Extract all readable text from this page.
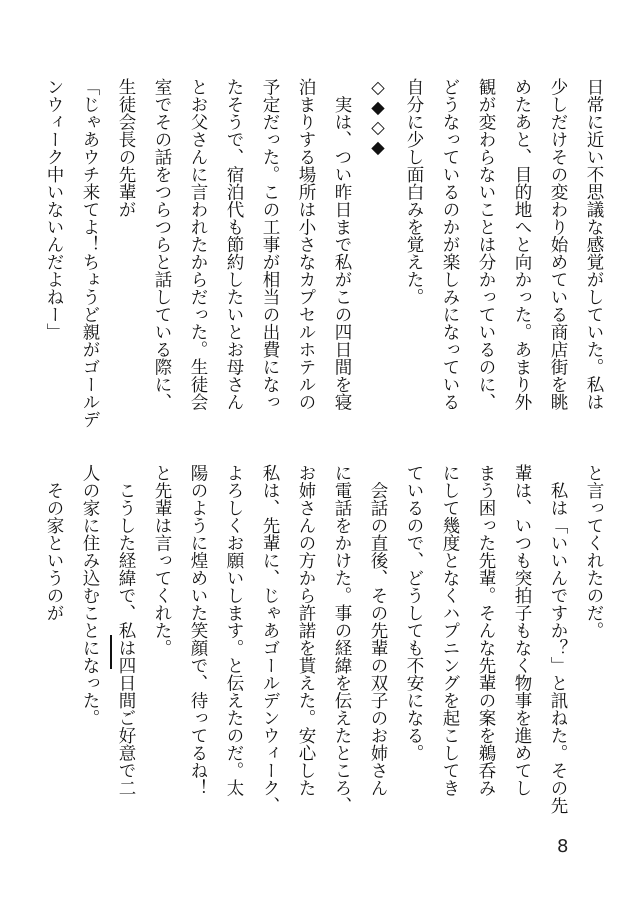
日常に近い不思議な感覚がしていた。私は
少しだけその変わり始めている商店街を眺
めたあと、目的地へと向かった。あまり外
観が変わらないことは分かっているのに、
どうなっているのかが楽しみになっている
自分に少し面白みを覚えた。
◇◆◇◆
　実は、つい昨日まで私がこの四日間を寝
泊まりする場所は小さなカプセルホテルの
予定だった。この工事が相当の出費になっ
たそうで、宿泊代も節約したいとお母さん
とお父さんに言われたからだった。生徒会
室でその話をつらつらと話している際に、
生徒会長の先輩が
「じゃあウチ来てよ！ちょうど親がゴールデ
ンウィーク中いないんだよねー」
と言ってくれたのだ。
　私は「いいんですか？」と訊ねた。その先
輩は、いつも突拍子もなく物事を進めてし
まう困った先輩。そんな先輩の案を鵜呑み
にして幾度となくハプニングを起こしてき
ているので、どうしても不安になる。
　会話の直後、その先輩の双子のお姉さん
に電話をかけた。事の経緯を伝えたところ、
お姉さんの方から許諾を貰えた。安心した
私は、先輩に、じゃあゴールデンウィーク、
よろしくお願いします。と伝えたのだ。太
陽のように煌めいた笑顔で、待ってるね！
と先輩は言ってくれた。
　こうした経緯で、私は四日間ご好意で二
人の家に住み込むことになった。
　その家というのが
8
